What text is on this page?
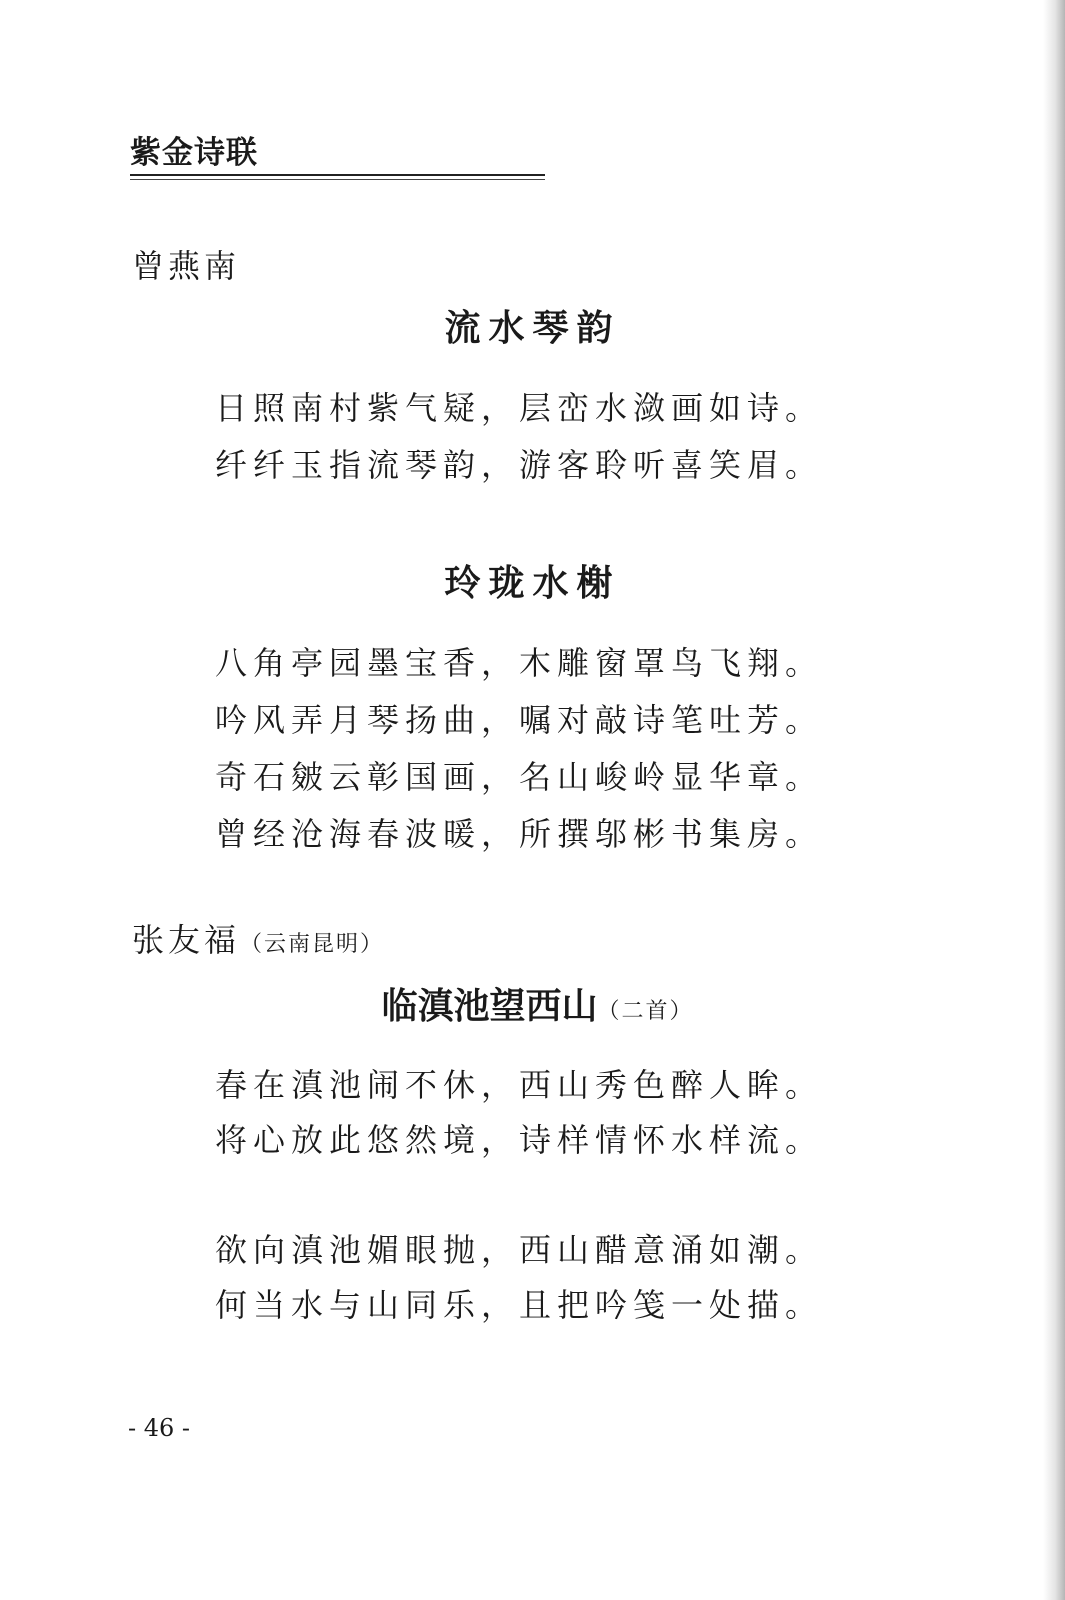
紫金诗联
曾燕南
流水琴韵
日照南村紫气疑，层峦水潋画如诗。
纤纤玉指流琴韵，游客聆听喜笑眉。
玲珑水榭
八角亭园墨宝香，木雕窗罩鸟飞翔。
吟风弄月琴扬曲，嘱对敲诗笔吐芳。
奇石皴云彰国画，名山峻岭显华章。
曾经沧海春波暖，所撰邬彬书集房。
张友福（云南昆明）
临滇池望西山（二首）
春在滇池闹不休，西山秀色醉人眸。
将心放此悠然境，诗样情怀水样流。
欲向滇池媚眼抛，西山醋意涌如潮。
何当水与山同乐，且把吟笺一处描。
- 46 -
